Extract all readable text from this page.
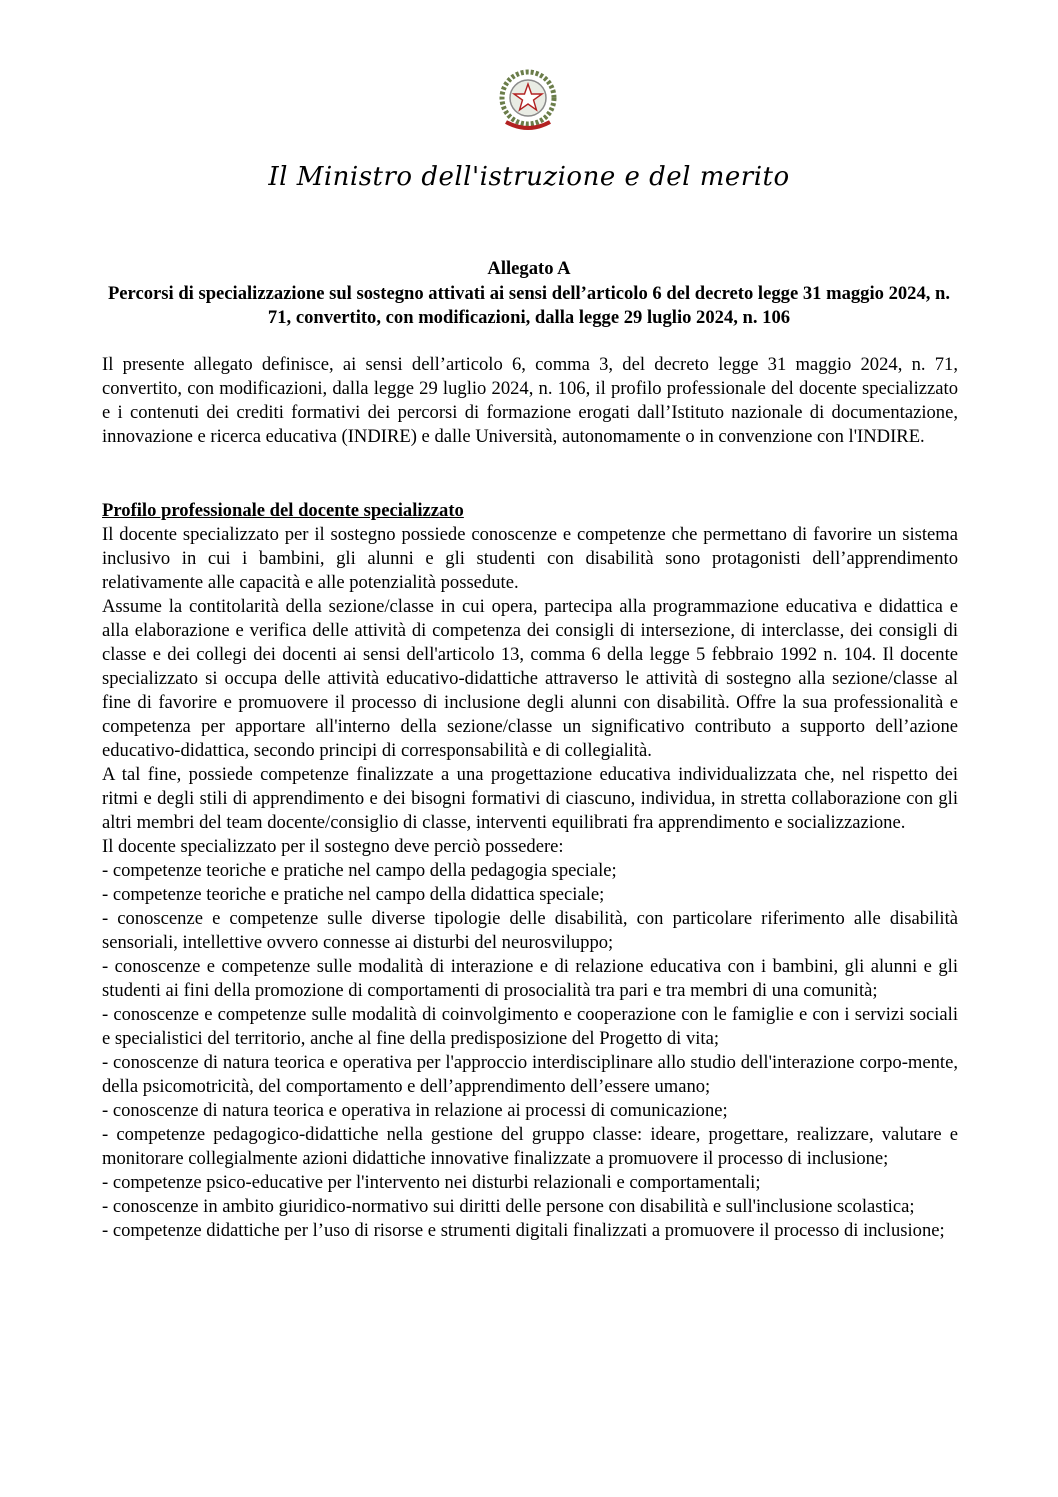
Il Ministro dell'istruzione e del merito
Allegato A
Percorsi di specializzazione sul sostegno attivati ai sensi dell’articolo 6 del decreto legge 31 maggio 2024, n. 71, convertito, con modificazioni, dalla legge 29 luglio 2024, n. 106

Il presente allegato definisce, ai sensi dell’articolo 6, comma 3, del decreto legge 31 maggio 2024, n. 71, convertito, con modificazioni, dalla legge 29 luglio 2024, n. 106, il profilo professionale del docente specializzato e i contenuti dei crediti formativi dei percorsi di formazione erogati dall’Istituto nazionale di documentazione, innovazione e ricerca educativa (INDIRE) e dalle Università, autonomamente o in convenzione con l'INDIRE.

Profilo professionale del docente specializzato

Il docente specializzato per il sostegno possiede conoscenze e competenze che permettano di favorire un sistema inclusivo in cui i bambini, gli alunni e gli studenti con disabilità sono protagonisti dell’apprendimento relativamente alle capacità e alle potenzialità possedute.

Assume la contitolarità della sezione/classe in cui opera, partecipa alla programmazione educativa e didattica e alla elaborazione e verifica delle attività di competenza dei consigli di intersezione, di interclasse, dei consigli di classe e dei collegi dei docenti ai sensi dell'articolo 13, comma 6 della legge 5 febbraio 1992 n. 104. Il docente specializzato si occupa delle attività educativo-didattiche attraverso le attività di sostegno alla sezione/classe al fine di favorire e promuovere il processo di inclusione degli alunni con disabilità. Offre la sua professionalità e competenza per apportare all'interno della sezione/classe un significativo contributo a supporto dell’azione educativo-didattica, secondo principi di corresponsabilità e di collegialità.

A tal fine, possiede competenze finalizzate a una progettazione educativa individualizzata che, nel rispetto dei ritmi e degli stili di apprendimento e dei bisogni formativi di ciascuno, individua, in stretta collaborazione con gli altri membri del team docente/consiglio di classe, interventi equilibrati fra apprendimento e socializzazione.

Il docente specializzato per il sostegno deve perciò possedere:

- competenze teoriche e pratiche nel campo della pedagogia speciale;
- competenze teoriche e pratiche nel campo della didattica speciale;
- conoscenze e competenze sulle diverse tipologie delle disabilità, con particolare riferimento alle disabilità sensoriali, intellettive ovvero connesse ai disturbi del neurosviluppo;
- conoscenze e competenze sulle modalità di interazione e di relazione educativa con i bambini, gli alunni e gli studenti ai fini della promozione di comportamenti di prosocialità tra pari e tra membri di una comunità;
- conoscenze e competenze sulle modalità di coinvolgimento e cooperazione con le famiglie e con i servizi sociali e specialistici del territorio, anche al fine della predisposizione del Progetto di vita;
- conoscenze di natura teorica e operativa per l'approccio interdisciplinare allo studio dell'interazione corpo-mente, della psicomotricità, del comportamento e dell’apprendimento dell’essere umano;
- conoscenze di natura teorica e operativa in relazione ai processi di comunicazione;
- competenze pedagogico-didattiche nella gestione del gruppo classe: ideare, progettare, realizzare, valutare e monitorare collegialmente azioni didattiche innovative finalizzate a promuovere il processo di inclusione;
- competenze psico-educative per l'intervento nei disturbi relazionali e comportamentali;
- conoscenze in ambito giuridico-normativo sui diritti delle persone con disabilità e sull'inclusione scolastica;
- competenze didattiche per l’uso di risorse e strumenti digitali finalizzati a promuovere il processo di inclusione;
